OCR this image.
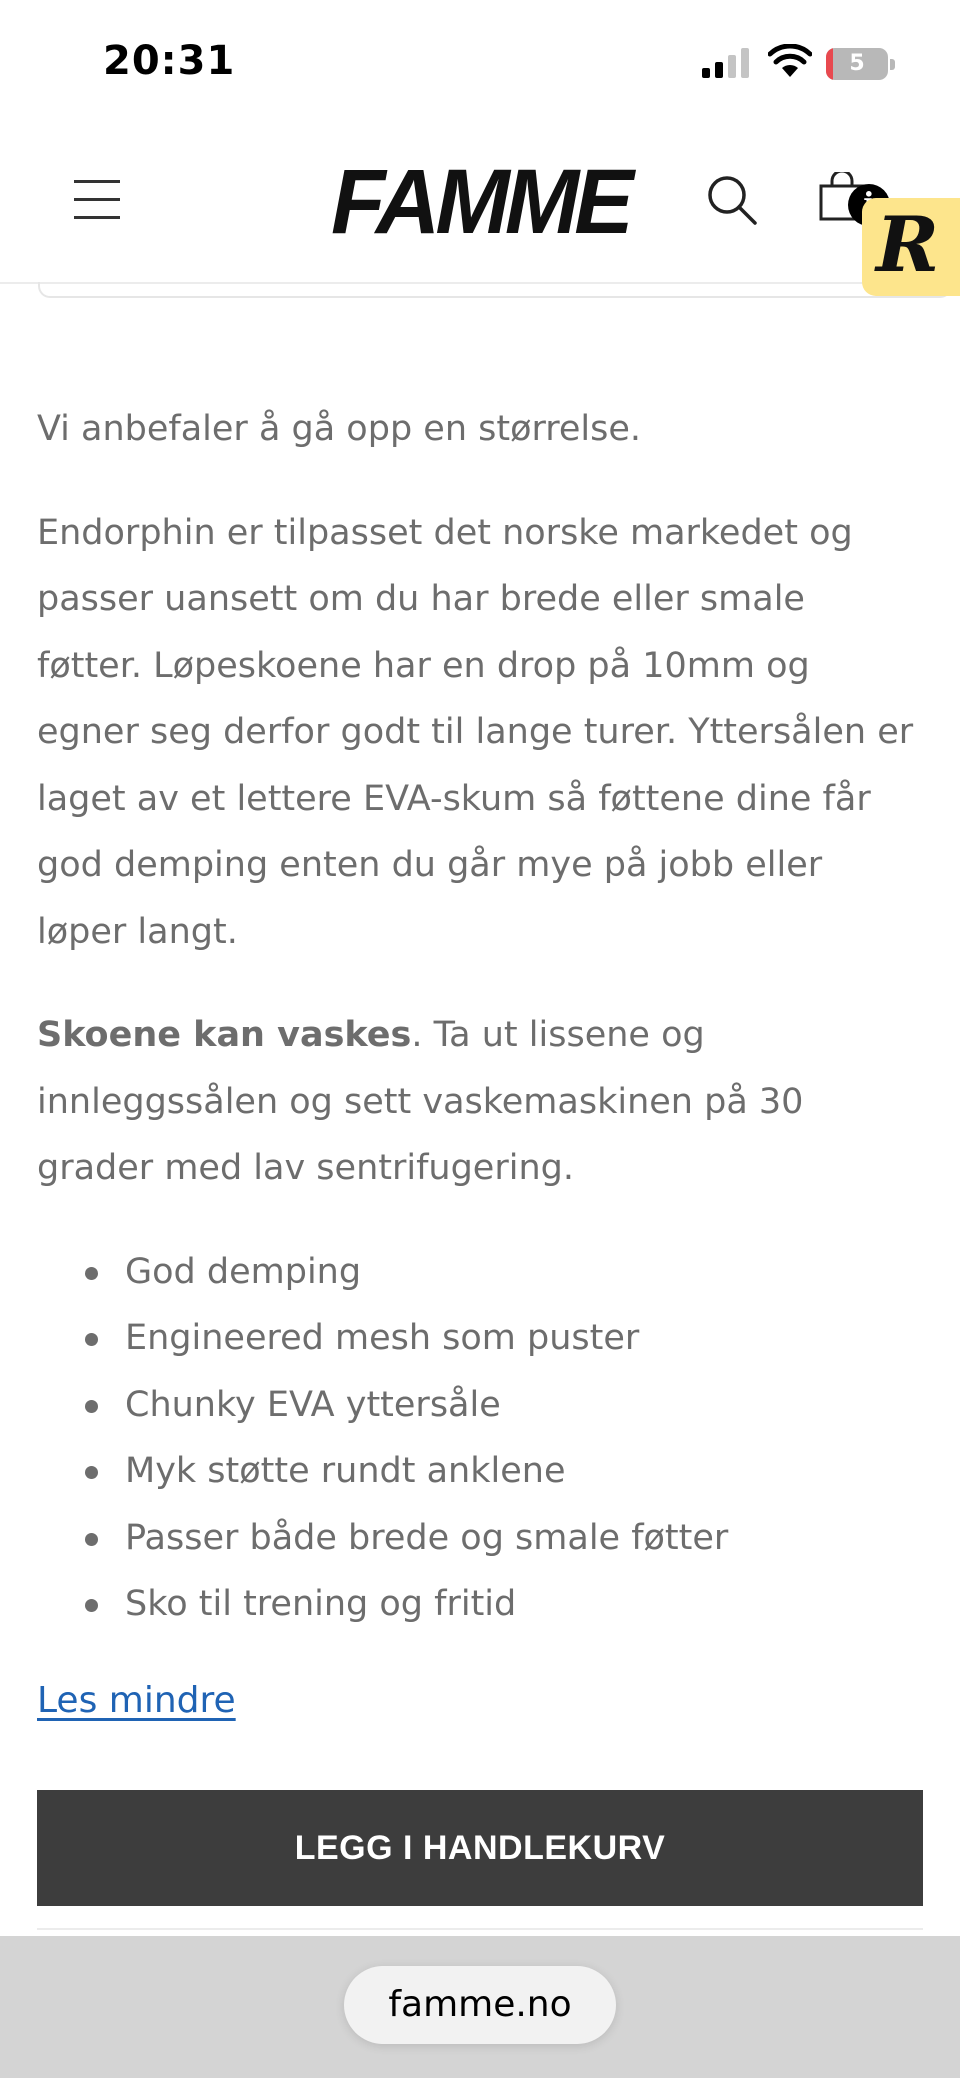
20:31	5
FAMME	R

Vi anbefaler å gå opp en størrelse.

Endorphin er tilpasset det norske markedet og passer uansett om du har brede eller smale føtter. Løpeskoene har en drop på 10mm og egner seg derfor godt til lange turer. Yttersålen er laget av et lettere EVA-skum så føttene dine får god demping enten du går mye på jobb eller løper langt.

Skoene kan vaskes. Ta ut lissene og innleggssålen og sett vaskemaskinen på 30 grader med lav sentrifugering.

God demping
Engineered mesh som puster
Chunky EVA yttersåle
Myk støtte rundt anklene
Passer både brede og smale føtter
Sko til trening og fritid
Les mindre
LEGG I HANDLEKURV
famme.no
